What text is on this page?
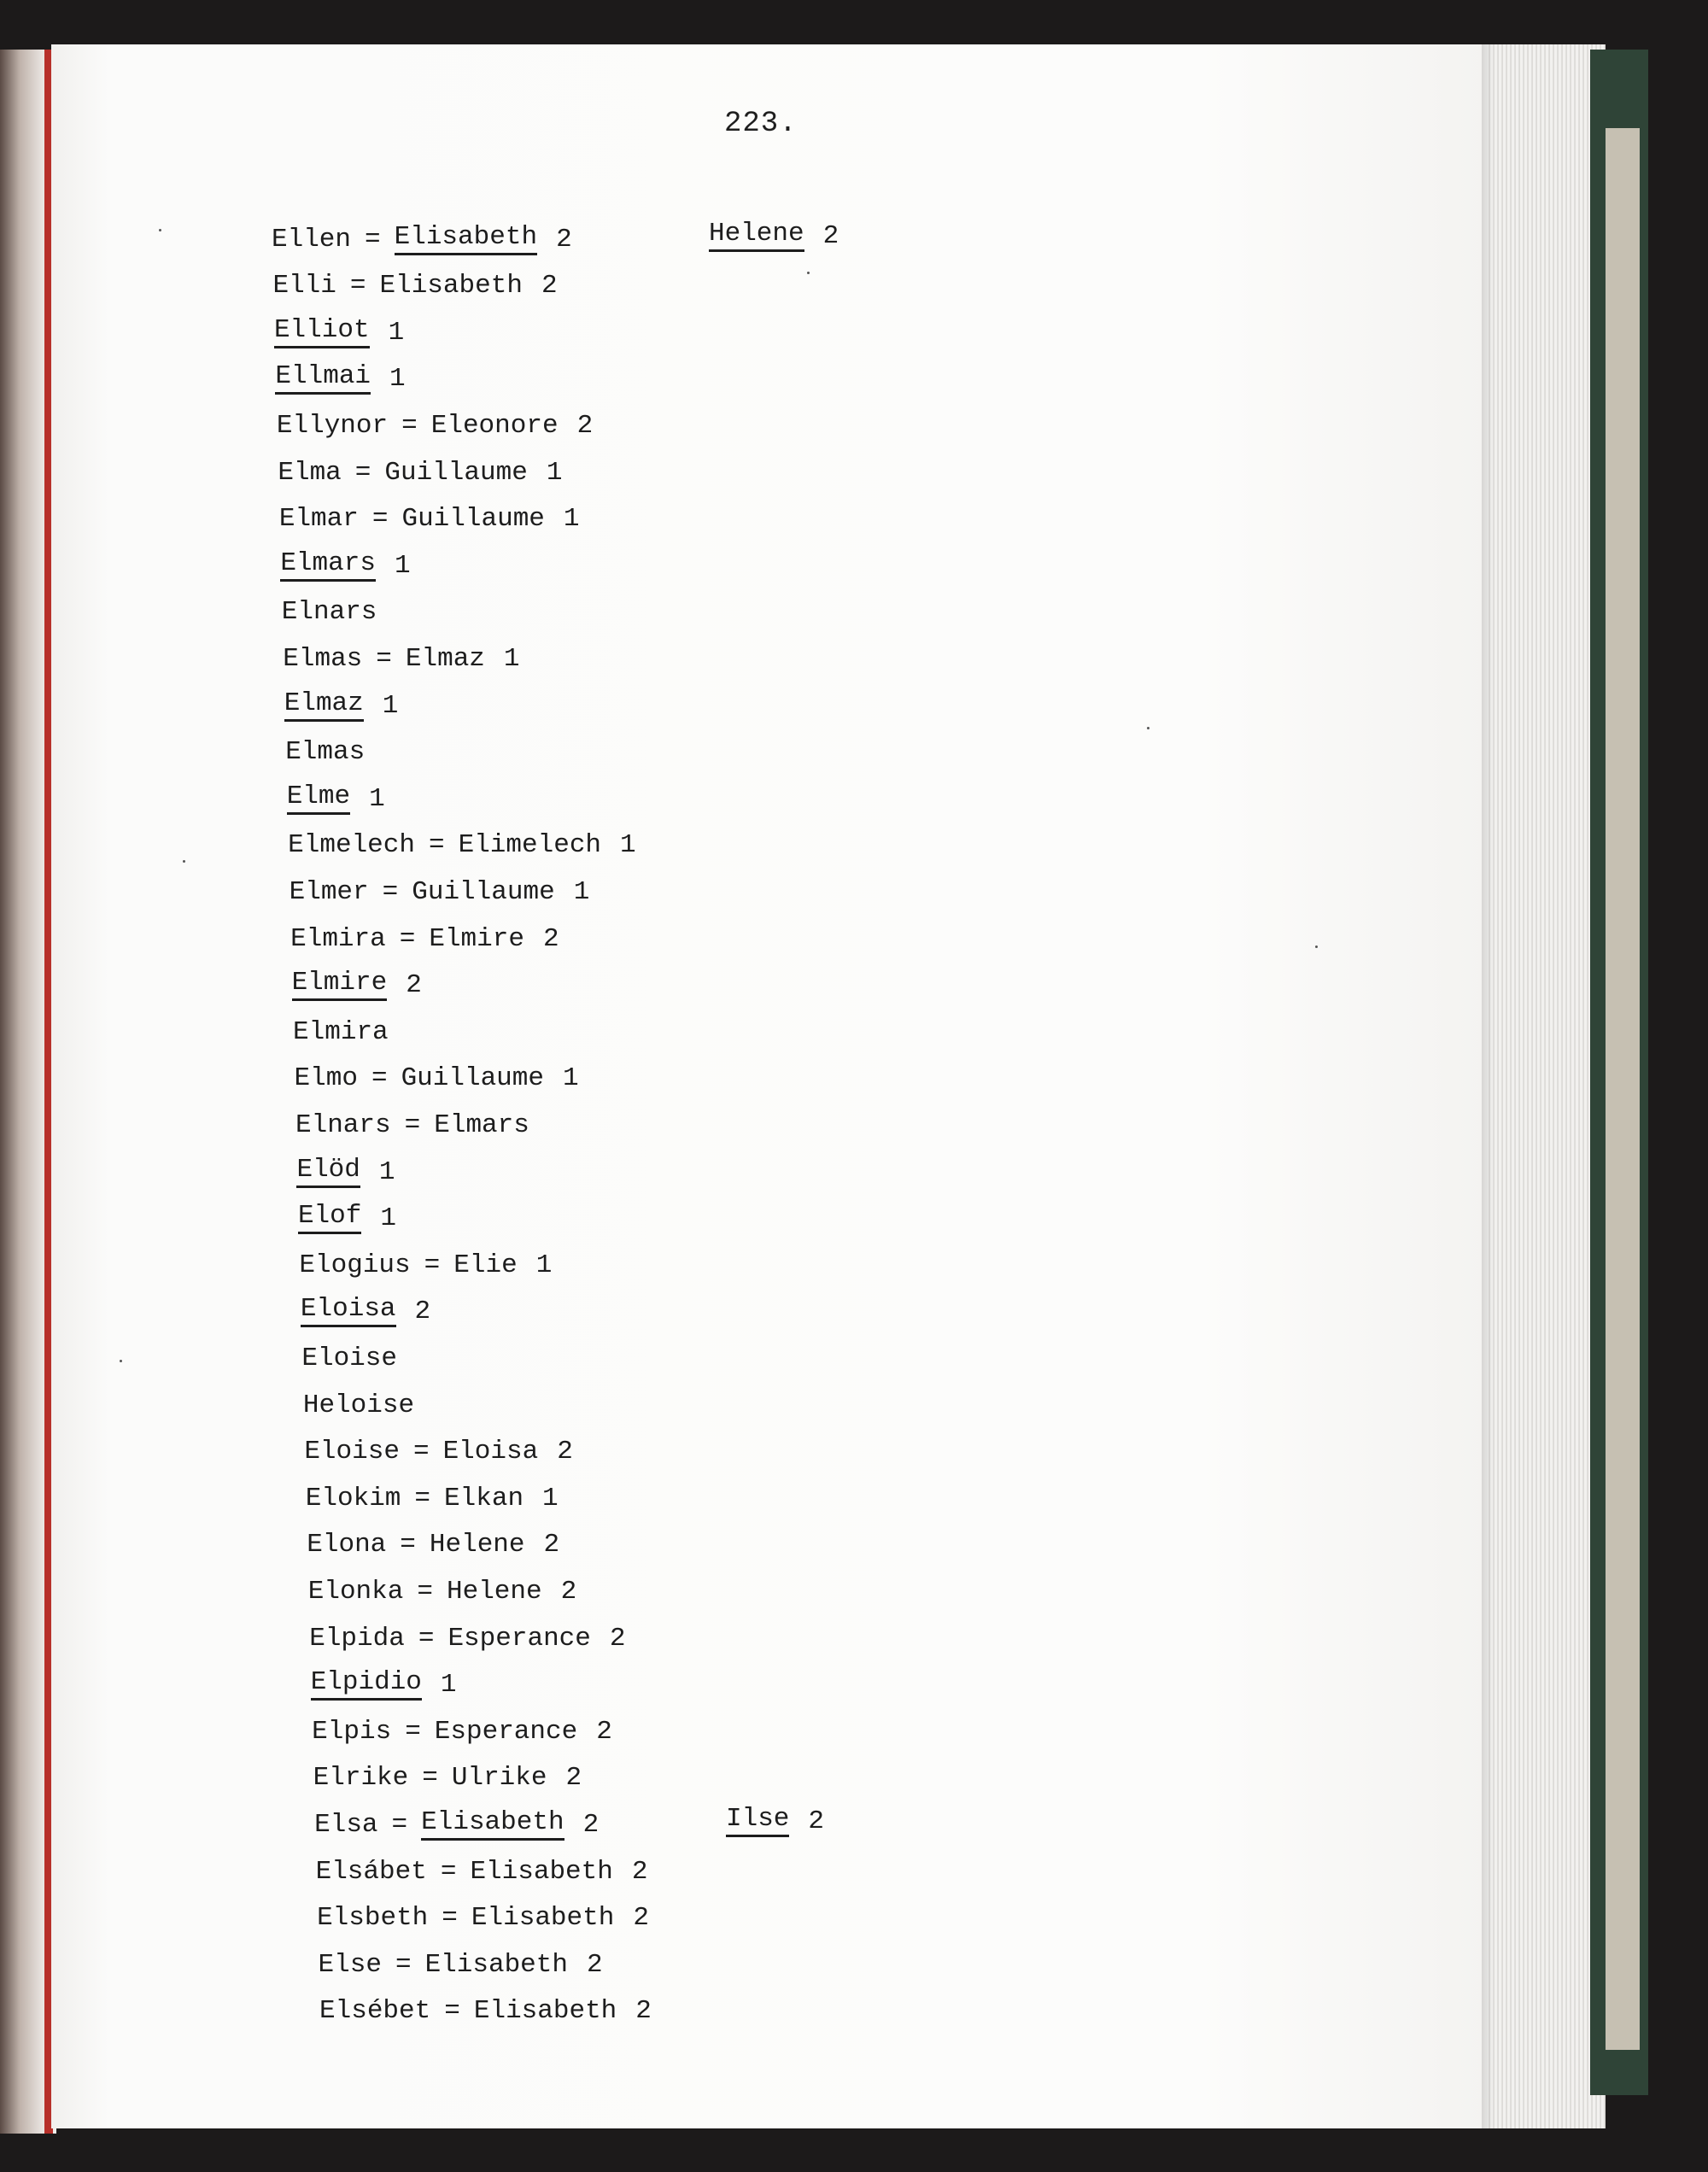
223.
Ellen = Elisabeth 2
Elli = Elisabeth 2
Elliot 1
Ellmai 1
Ellynor = Eleonore 2
Elma = Guillaume 1
Elmar = Guillaume 1
Elmars 1
Elnars
Elmas = Elmaz 1
Elmaz 1
Elmas
Elme 1
Elmelech = Elimelech 1
Elmer = Guillaume 1
Elmira = Elmire 2
Elmire 2
Elmira
Elmo = Guillaume 1
Elnars = Elmars
Elöd 1
Elof 1
Elogius = Elie 1
Eloisa 2
Eloise
Heloise
Eloise = Eloisa 2
Elokim = Elkan 1
Elona = Helene 2
Elonka = Helene 2
Elpida = Esperance 2
Elpidio 1
Elpis = Esperance 2
Elrike = Ulrike 2
Elsa = Elisabeth 2
Elsábet = Elisabeth 2
Elsbeth = Elisabeth 2
Else = Elisabeth 2
Elsébet = Elisabeth 2
Helene 2
Ilse 2
